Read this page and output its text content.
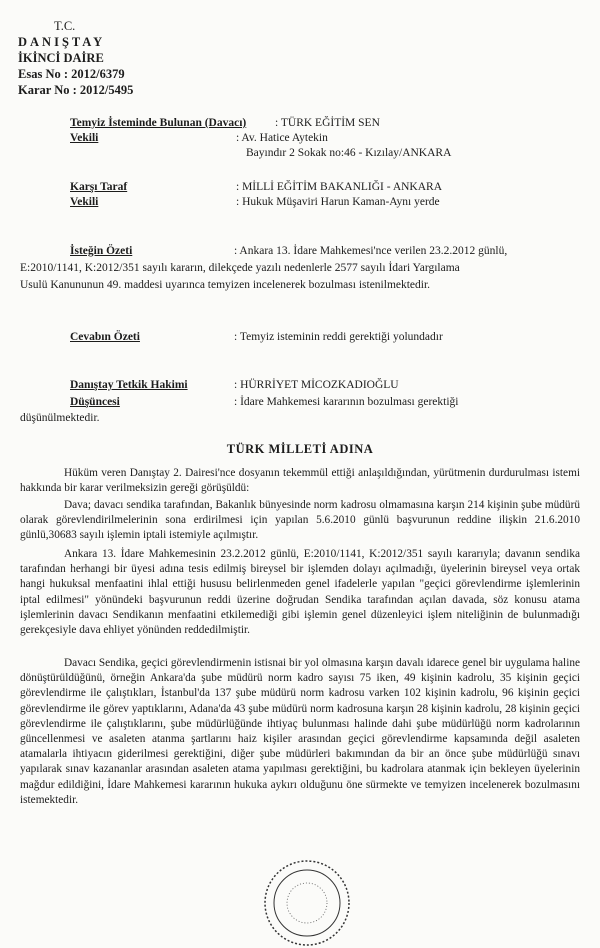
T.C.
DANIŞTAY
İKİNCİ DAİRE
Esas No : 2012/6379
Karar No : 2012/5495
Temyiz İsteminde Bulunan (Davacı)	: TÜRK EĞİTİM SEN
Vekili	: Av. Hatice Aytekin
Bayındır 2 Sokak no:46 - Kızılay/ANKARA
Karşı Taraf	: MİLLİ EĞİTİM BAKANLIĞI - ANKARA
Vekili	: Hukuk Müşaviri Harun Kaman-Aynı yerde
İsteğin Özeti	: Ankara 13. İdare Mahkemesi'nce verilen 23.2.2012 günlü,
E:2010/1141, K:2012/351 sayılı kararın, dilekçede yazılı nedenlerle 2577 sayılı İdari Yargılama
Usulü Kanununun 49. maddesi uyarınca temyizen incelenerek bozulması istenilmektedir.
Cevabın Özeti	: Temyiz isteminin reddi gerektiği yolundadır
Danıştay Tetkik Hakimi	: HÜRRİYET MİCOZKADIOĞLU
Düşüncesi	: İdare Mahkemesi kararının bozulması gerektiği
düşünülmektedir.
TÜRK MİLLETİ ADINA
Hüküm veren Danıştay 2. Dairesi'nce dosyanın tekemmül ettiği anlaşıldığından, yürütmenin durdurulması istemi hakkında bir karar verilmeksizin gereği görüşüldü:
Dava; davacı sendika tarafından, Bakanlık bünyesinde norm kadrosu olmamasına karşın 214 kişinin şube müdürü olarak görevlendirilmelerinin sona erdirilmesi için yapılan 5.6.2010 günlü başvurunun reddine ilişkin 21.6.2010 günlü,30683 sayılı işlemin iptali istemiyle açılmıştır.
Ankara 13. İdare Mahkemesinin 23.2.2012 günlü, E:2010/1141, K:2012/351 sayılı kararıyla; davanın sendika tarafından herhangi bir üyesi adına tesis edilmiş bireysel bir işlemden dolayı açılmadığı, üyelerinin bireysel veya ortak hangi hukuksal menfaatini ihlal ettiği hususu belirlenmeden genel ifadelerle yapılan "geçici görevlendirme işlemlerinin iptal edilmesi" yönündeki başvurunun reddi üzerine doğrudan Sendika tarafından açılan davada, söz konusu atama işlemlerinin davacı Sendikanın menfaatini etkilemediği gibi işlemin genel düzenleyici işlem niteliğinin de bulunmadığı gerekçesiyle dava ehliyet yönünden reddedilmiştir.
Davacı Sendika, geçici görevlendirmenin istisnai bir yol olmasına karşın davalı idarece genel bir uygulama haline dönüştürüldüğünü, örneğin Ankara'da şube müdürü norm kadro sayısı 75 iken, 49 kişinin kadrolu, 35 kişinin geçici görevlendirme ile çalıştıkları, İstanbul'da 137 şube müdürü norm kadrosu varken 102 kişinin kadrolu, 96 kişinin geçici görevlendirme ile görev yaptıklarını, Adana'da 43 şube müdürü norm kadrosuna karşın 28 kişinin kadrolu, 28 kişinin geçici görevlendirme ile çalıştıklarını, şube müdürlüğünde ihtiyaç bulunması halinde dahi şube müdürlüğü norm kadrolarının güncellenmesi ve asaleten atanma şartlarını haiz kişiler arasından geçici görevlendirme kapsamında değil asaleten atamalarla ihtiyacın giderilmesi gerektiğini, diğer şube müdürleri bakımından da bir an önce şube müdürlüğü sınavı yapılarak sınav kazananlar arasından asaleten atama yapılması gerektiğini, bu kadrolara atanmak için bekleyen üyelerinin mağdur edildiğini, İdare Mahkemesi kararının hukuka aykırı olduğunu öne sürmekte ve temyizen incelenerek bozulmasını istemektedir.
